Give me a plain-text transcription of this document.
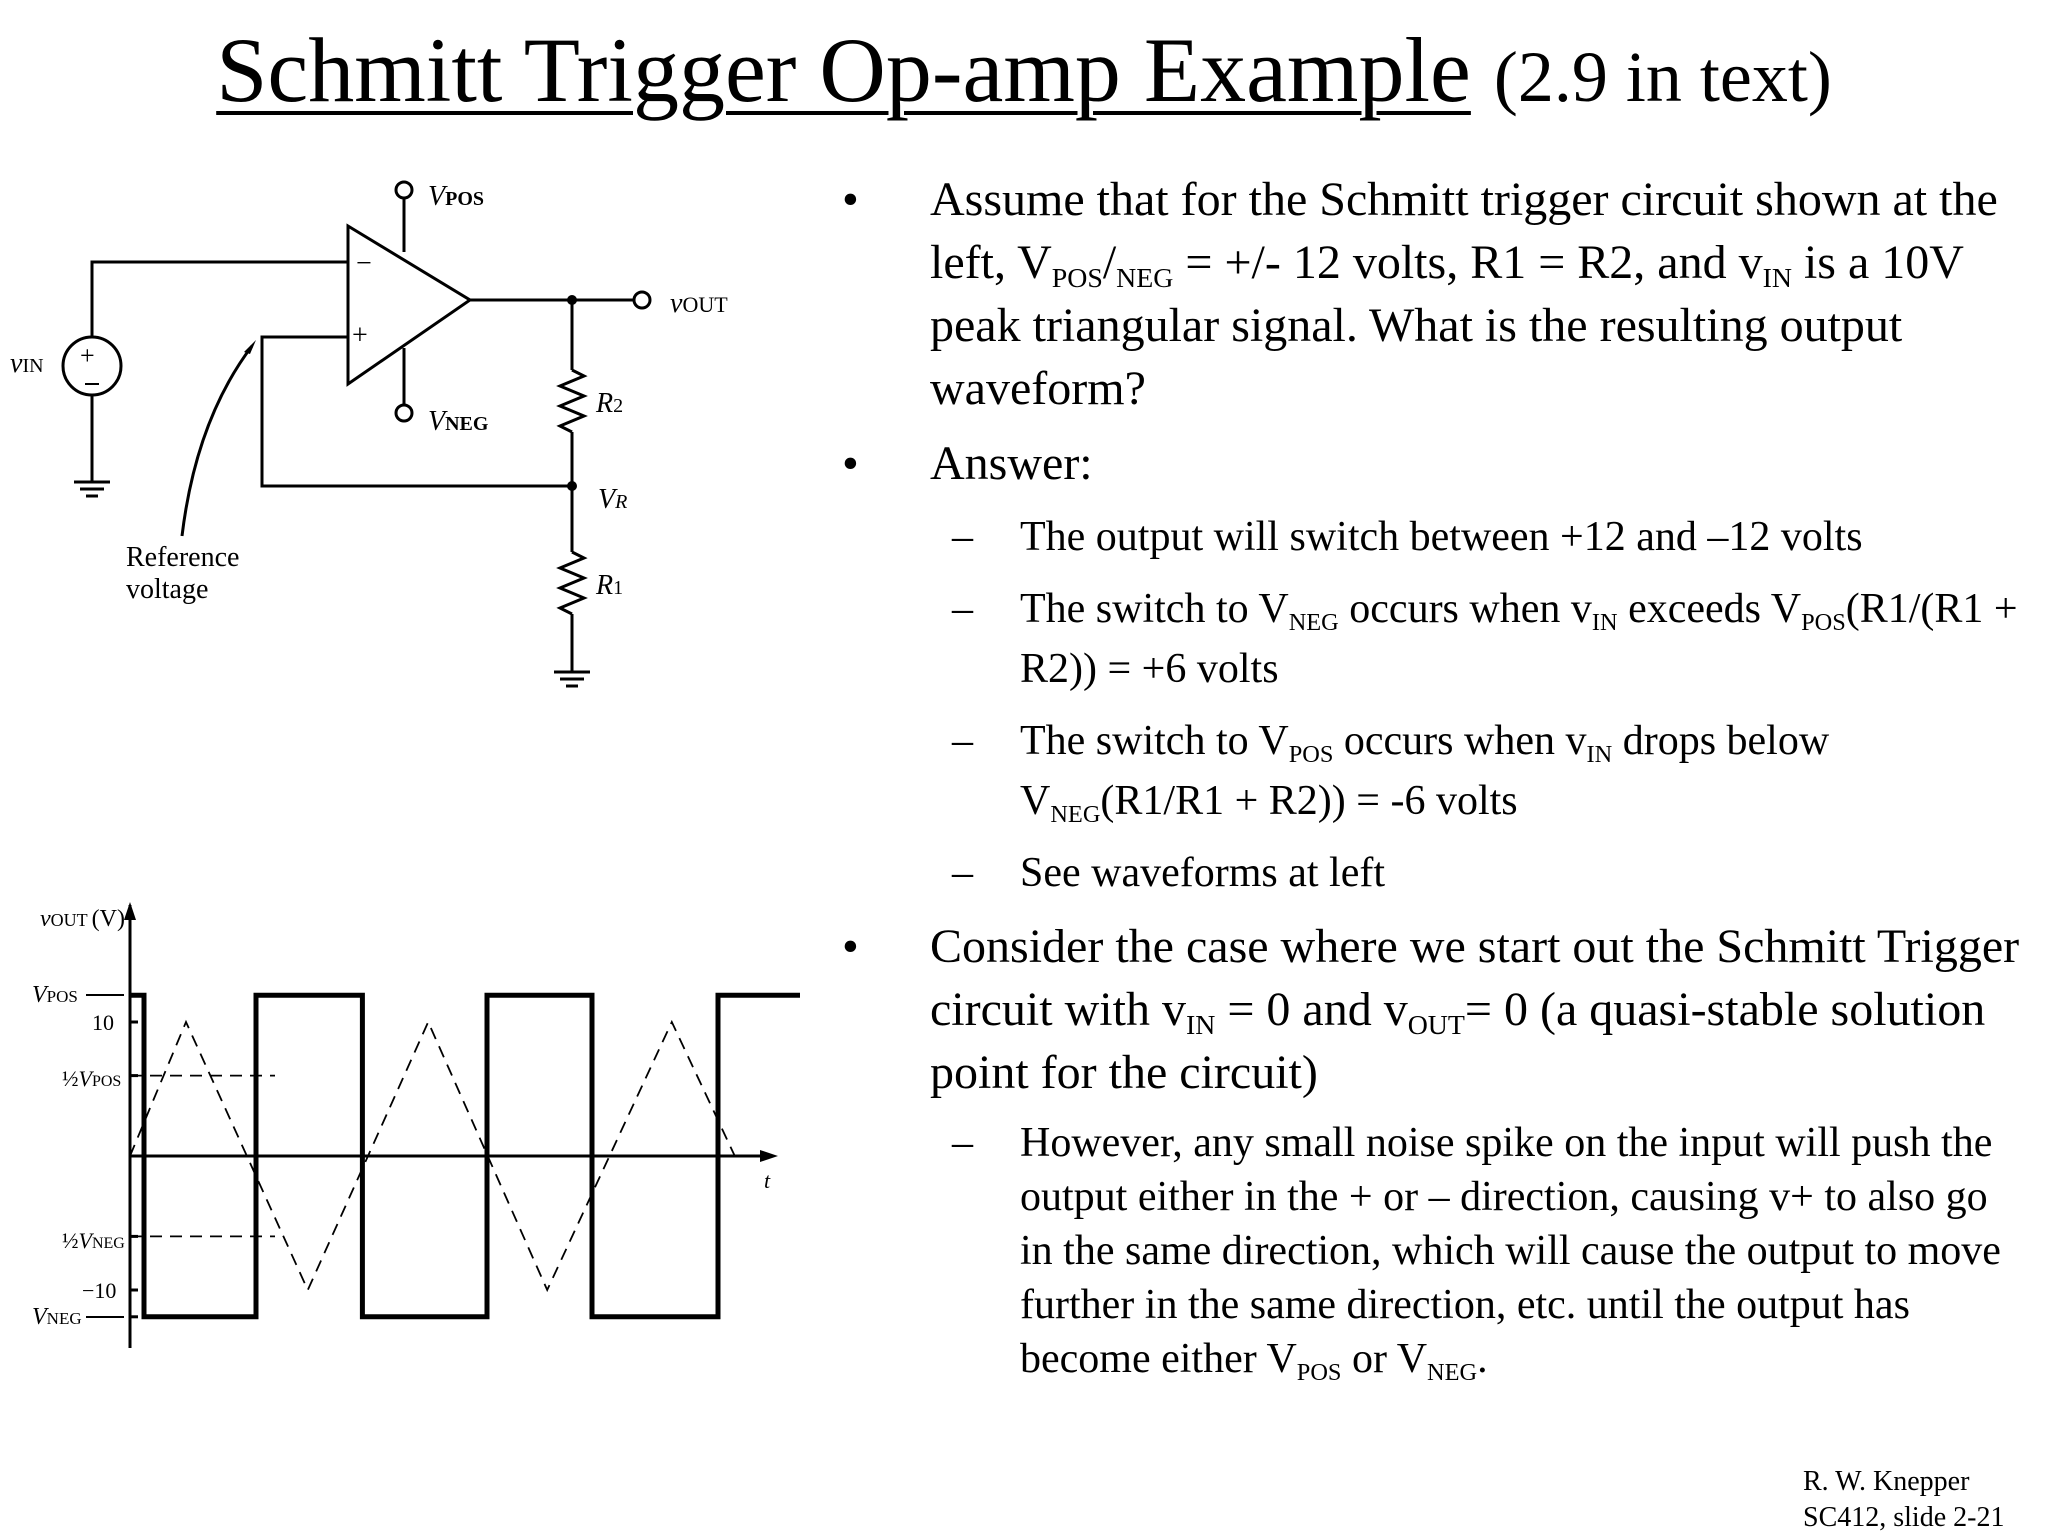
Schmitt Trigger Op-amp Example (2.9 in text)
−
+
VPOS
VNEG
+
vIN
vOUT
R2
R1
VR
Reference
voltage
t
vOUT (V)
VPOS
10
½VPOS
½VNEG
−10
VNEG
• Assume that for the Schmitt trigger circuit shown at the left, $V_{POS}/_{NEG}$ = +/- 12 volts, R1 = R2, and $v_{IN}$ is a 10V peak triangular signal. What is the resulting output waveform?
• Answer:
– The output will switch between +12 and –12 volts
– The switch to $V_{NEG}$ occurs when $v_{IN}$ exceeds $V_{POS}(R1/(R1 + R2)) = +6$ volts
– The switch to $V_{POS}$ occurs when $v_{IN}$ drops below $V_{NEG}(R1/R1 + R2)) = -6$ volts
– See waveforms at left
• Consider the case where we start out the Schmitt Trigger circuit with $v_{IN} = 0$ and $v_{OUT}= 0$ (a quasi-stable solution point for the circuit)
– However, any small noise spike on the input will push the output either in the + or – direction, causing v+ to also go in the same direction, which will cause the output to move further in the same direction, etc. until the output has become either $V_{POS}$ or $V_{NEG}$.
R. W. Knepper
SC412, slide 2-21
